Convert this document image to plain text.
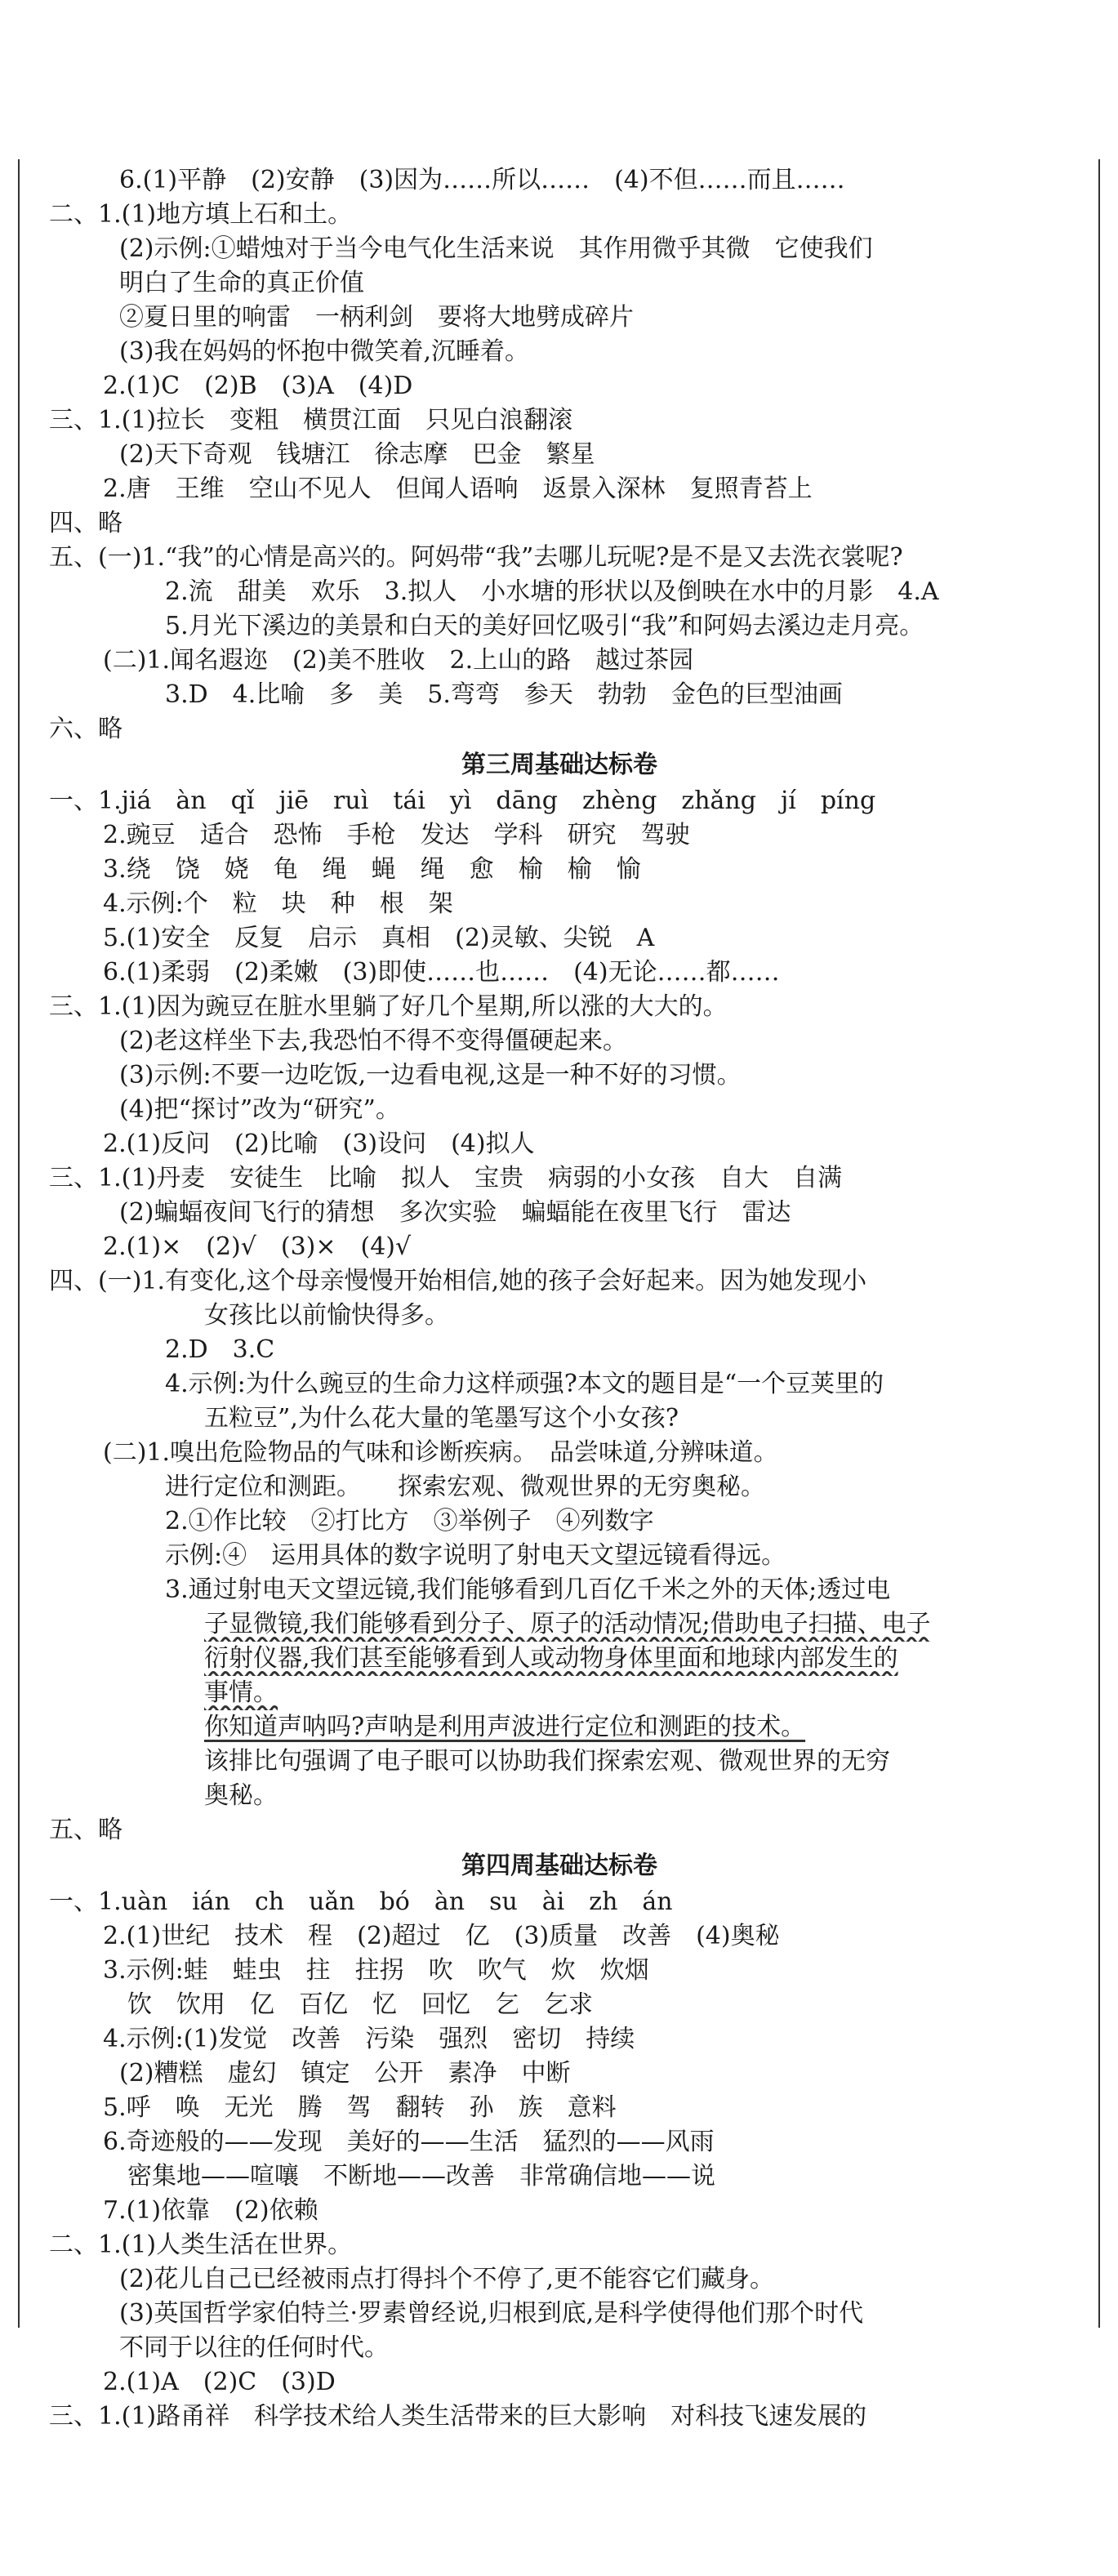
6.(1)平静　(2)安静　(3)因为……所以……　(4)不但……而且……
二、1.(1)地方填上石和土。
(2)示例:①蜡烛对于当今电气化生活来说　其作用微乎其微　它使我们
明白了生命的真正价值
②夏日里的响雷　一柄利剑　要将大地劈成碎片
(3)我在妈妈的怀抱中微笑着,沉睡着。
2.(1)C　(2)B　(3)A　(4)D
三、1.(1)拉长　变粗　横贯江面　只见白浪翻滚
(2)天下奇观　钱塘江　徐志摩　巴金　繁星
2.唐　王维　空山不见人　但闻人语响　返景入深林　复照青苔上
四、略
五、(一)1.“我”的心情是高兴的。阿妈带“我”去哪儿玩呢?是不是又去洗衣裳呢?
2.流　甜美　欢乐　3.拟人　小水塘的形状以及倒映在水中的月影　4.A
5.月光下溪边的美景和白天的美好回忆吸引“我”和阿妈去溪边走月亮。
(二)1.闻名遐迩　(2)美不胜收　2.上山的路　越过茶园
3.D　4.比喻　多　美　5.弯弯　参天　勃勃　金色的巨型油画
六、略
第三周基础达标卷
一、1.jiá　àn　qǐ　jiē　ruì　tái　yì　dāng　zhèng　zhǎng　jí　píng
2.豌豆　适合　恐怖　手枪　发达　学科　研究　驾驶
3.绕　饶　娆　龟　绳　蝇　绳　愈　榆　榆　愉
4.示例:个　粒　块　种　根　架
5.(1)安全　反复　启示　真相　(2)灵敏、尖锐　A
6.(1)柔弱　(2)柔嫩　(3)即使……也……　(4)无论……都……
三、1.(1)因为豌豆在脏水里躺了好几个星期,所以涨的大大的。
(2)老这样坐下去,我恐怕不得不变得僵硬起来。
(3)示例:不要一边吃饭,一边看电视,这是一种不好的习惯。
(4)把“探讨”改为“研究”。
2.(1)反问　(2)比喻　(3)设问　(4)拟人
三、1.(1)丹麦　安徒生　比喻　拟人　宝贵　病弱的小女孩　自大　自满
(2)蝙蝠夜间飞行的猜想　多次实验　蝙蝠能在夜里飞行　雷达
2.(1)×　(2)√　(3)×　(4)√
四、(一)1.有变化,这个母亲慢慢开始相信,她的孩子会好起来。因为她发现小
女孩比以前愉快得多。
2.D　3.C
4.示例:为什么豌豆的生命力这样顽强?本文的题目是“一个豆荚里的
五粒豆”,为什么花大量的笔墨写这个小女孩?
(二)1.嗅出危险物品的气味和诊断疾病。　品尝味道,分辨味道。
进行定位和测距。　　探索宏观、微观世界的无穷奥秘。
2.①作比较　②打比方　③举例子　④列数字
示例:④　运用具体的数字说明了射电天文望远镜看得远。
3.通过射电天文望远镜,我们能够看到几百亿千米之外的天体;透过电
子显微镜,我们能够看到分子、原子的活动情况;借助电子扫描、电子
衍射仪器,我们甚至能够看到人或动物身体里面和地球内部发生的
事情。
你知道声呐吗?声呐是利用声波进行定位和测距的技术。
该排比句强调了电子眼可以协助我们探索宏观、微观世界的无穷
奥秘。
五、略
第四周基础达标卷
一、1.uàn　ián　ch　uǎn　bó　àn　su　ài　zh　án
2.(1)世纪　技术　程　(2)超过　亿　(3)质量　改善　(4)奥秘
3.示例:蛙　蛙虫　拄　拄拐　吹　吹气　炊　炊烟
　饮　饮用　亿　百亿　忆　回忆　乞　乞求
4.示例:(1)发觉　改善　污染　强烈　密切　持续
(2)糟糕　虚幻　镇定　公开　素净　中断
5.呼　唤　无光　腾　驾　翻转　孙　族　意料
6.奇迹般的——发现　美好的——生活　猛烈的——风雨
　密集地——喧嚷　不断地——改善　非常确信地——说
7.(1)依靠　(2)依赖
二、1.(1)人类生活在世界。
(2)花儿自己已经被雨点打得抖个不停了,更不能容它们藏身。
(3)英国哲学家伯特兰·罗素曾经说,归根到底,是科学使得他们那个时代
不同于以往的任何时代。
2.(1)A　(2)C　(3)D
三、1.(1)路甬祥　科学技术给人类生活带来的巨大影响　对科技飞速发展的
